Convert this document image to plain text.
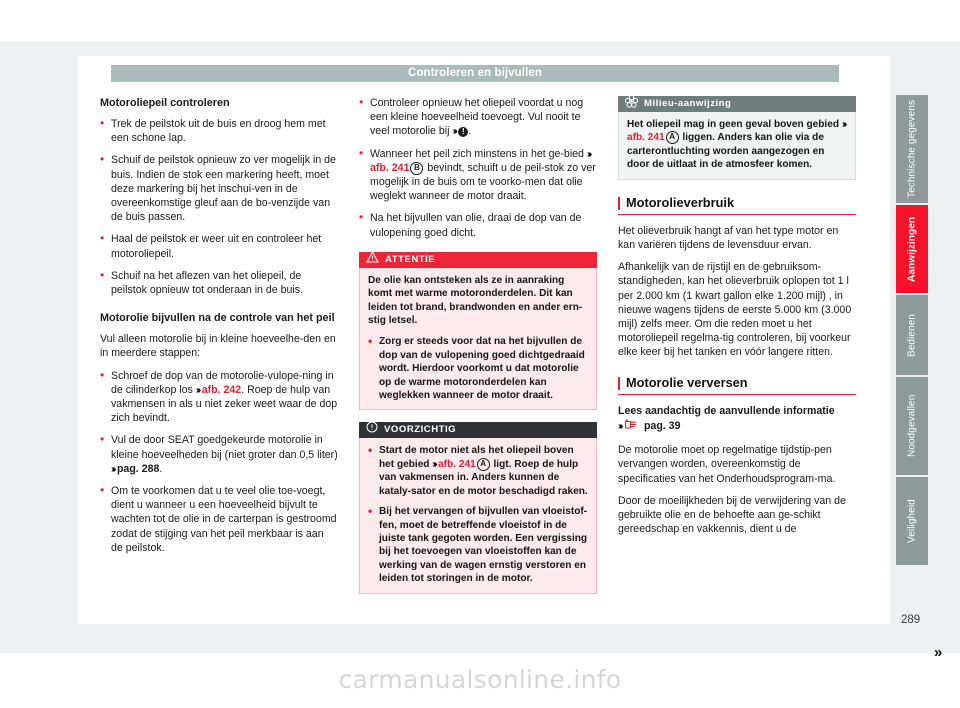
Controleren en bijvullen
Motoroliepeil controleren
• Trek de peilstok uit de buis en droog hem met een schone lap.
• Schuif de peilstok opnieuw zo ver mogelijk in de buis. Indien de stok een markering heeft, moet deze markering bij het inschui-ven in de overeenkomstige gleuf aan de bo-venzijde van de buis passen.
• Haal de peilstok er weer uit en controleer het motoroliepeil.
• Schuif na het aflezen van het oliepeil, de peilstok opnieuw tot onderaan in de buis.
Motorolie bijvullen na de controle van het peil

Vul alleen motorolie bij in kleine hoeveelhe-den en in meerdere stappen:

• Schroef de dop van de motorolie-vulope-ning in de cilinderkop los ››› afb. 242. Roep de hulp van vakmensen in als u niet zeker weet waar de dop zich bevindt.
• Vul de door SEAT goedgekeurde motorolie in kleine hoeveelheden bij (niet groter dan 0,5 liter) ››› pag. 288.
• Om te voorkomen dat u te veel olie toe-voegt, dient u wanneer u een hoeveelheid bijvult te wachten tot de olie in de carterpan is gestroomd zodat de stijging van het peil merkbaar is aan de peilstok.
• Controleer opnieuw het oliepeil voordat u nog een kleine hoeveelheid toevoegt. Vul nooit te veel motorolie bij ››› ! .
• Wanneer het peil zich minstens in het ge-bied ››› afb. 241 B bevindt, schuift u de peil-stok zo ver mogelijk in de buis om te voorko-men dat olie weglekt wanneer de motor draait.
• Na het bijvullen van olie, draai de dop van de vulopening goed dicht.
ATTENTIE

De olie kan ontsteken als ze in aanraking komt met warme motoronderdelen. Dit kan leiden tot brand, brandwonden en ander ern-stig letsel.

• Zorg er steeds voor dat na het bijvullen de dop van de vulopening goed dichtgedraaid wordt. Hierdoor voorkomt u dat motorolie op de warme motoronderdelen kan weglekken wanneer de motor draait.
VOORZICHTIG
• Start de motor niet als het oliepeil boven het gebied ››› afb. 241 A ligt. Roep de hulp van vakmensen in. Anders kunnen de kataly-sator en de motor beschadigd raken.
• Bij het vervangen of bijvullen van vloeistof-fen, moet de betreffende vloeistof in de juiste tank gegoten worden. Een vergissing bij het toevoegen van vloeistoffen kan de werking van de wagen ernstig verstoren en leiden tot storingen in de motor.
Milieu-aanwijzing
Het oliepeil mag in geen geval boven gebied ››› afb. 241 A liggen. Anders kan olie via de carterontluchting worden aangezogen en door de uitlaat in de atmosfeer komen.
Motorolieverbruik

Het olieverbruik hangt af van het type motor en kan variëren tijdens de levensduur ervan.

Afhankelijk van de rijstijl en de gebruiksom-standigheden, kan het olieverbruik oplopen tot 1 l per 2.000 km (1 kwart gallon elke 1.200 mijl) , in nieuwe wagens tijdens de eerste 5.000 km (3.000 mijl) zelfs meer. Om die reden moet u het motoroliepeil regelma-tig controleren, bij voorkeur elke keer bij het tanken en vóór langere ritten.

Motorolie verversen

Lees aandachtig de aanvullende informatie
››› pag. 39

De motorolie moet op regelmatige tijdstip-pen vervangen worden, overeenkomstig de specificaties van het Onderhoudsprogram-ma.

Door de moeilijkheden bij de verwijdering van de gebruikte olie en de behoefte aan ge-schikt gereedschap en vakkennis, dient u de

»
Technische gegevens
Aanwijzingen
Bedienen
Noodgevallen
Veiligheid
289
carmanualsonline.info
